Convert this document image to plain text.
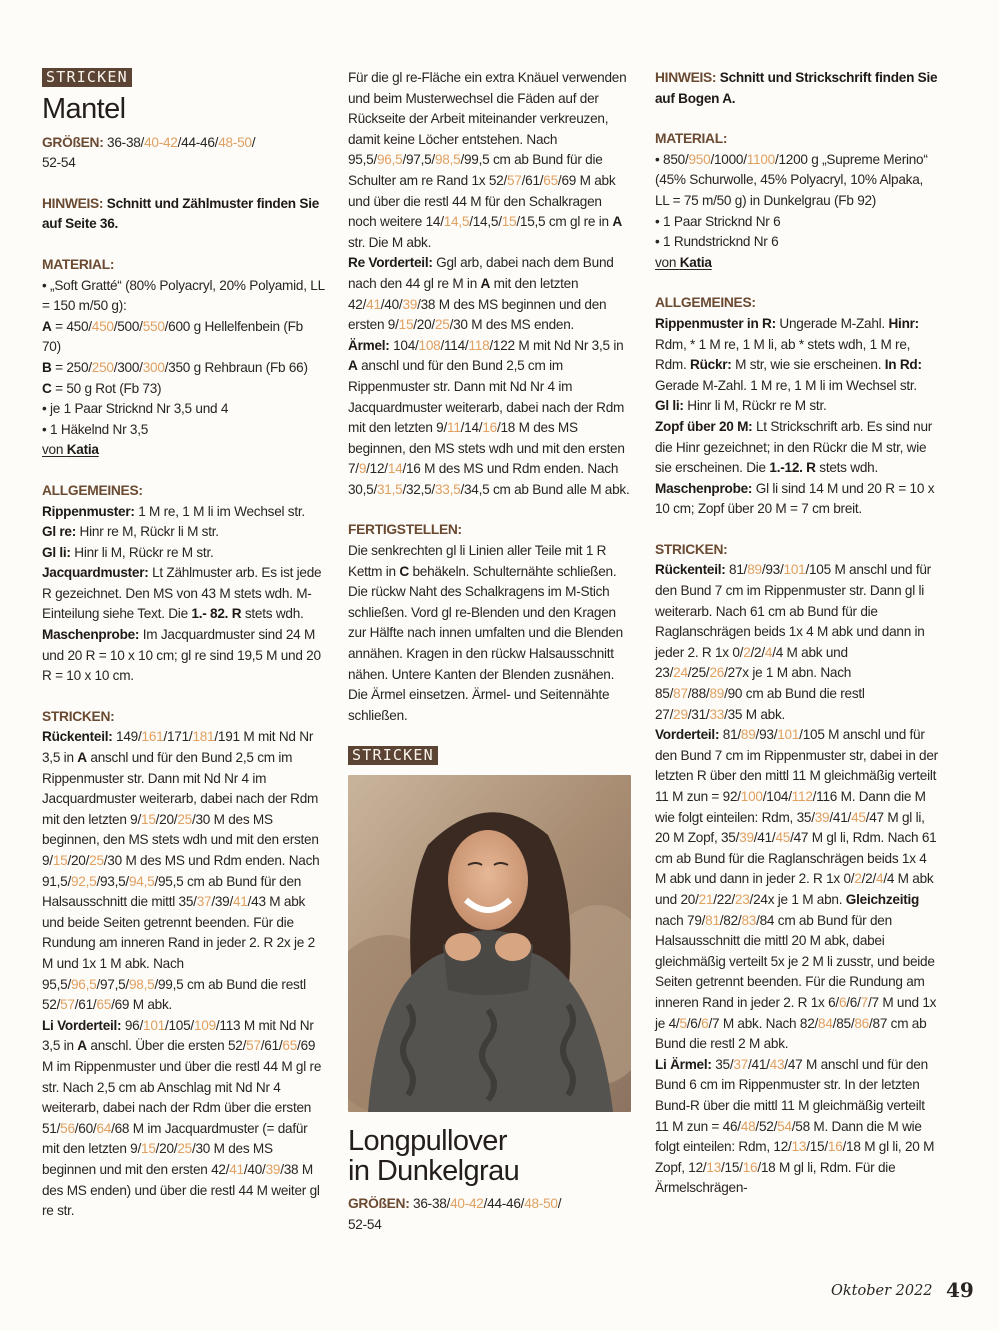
STRICKEN
Mantel

GRÖßEN: 36-38/40-42/44-46/48-50/
52-54

HINWEIS: Schnitt und Zählmuster finden Sie auf Seite 36.

MATERIAL:

• „Soft Gratté“ (80% Polyacryl, 20% Polyamid, LL = 150 m/50 g):
A = 450/450/500/550/600 g Hellelfenbein (Fb 70)
B = 250/250/300/300/350 g Rehbraun (Fb 66)
C = 50 g Rot (Fb 73)
• je 1 Paar Stricknd Nr 3,5 und 4
• 1 Häkelnd Nr 3,5
von Katia

ALLGEMEINES:

Rippenmuster: 1 M re, 1 M li im Wechsel str.
Gl re: Hinr re M, Rückr li M str.
Gl li: Hinr li M, Rückr re M str.
Jacquardmuster: Lt Zählmuster arb. Es ist jede R gezeichnet. Den MS von 43 M stets wdh. M-Einteilung siehe Text. Die 1.- 82. R stets wdh.
Maschenprobe: Im Jacquardmuster sind 24 M und 20 R = 10 x 10 cm; gl re sind 19,5 M und 20 R = 10 x 10 cm.

STRICKEN:

Rückenteil: 149/161/171/181/191 M mit Nd Nr 3,5 in A anschl und für den Bund 2,5 cm im Rippenmuster str. Dann mit Nd Nr 4 im Jacquardmuster weiterarb, dabei nach der Rdm mit den letzten 9/15/20/25/30 M des MS beginnen, den MS stets wdh und mit den ersten 9/15/20/25/30 M des MS und Rdm enden. Nach 91,5/92,5/93,5/94,5/95,5 cm ab Bund für den Halsausschnitt die mittl 35/37/39/41/43 M abk und beide Seiten getrennt beenden. Für die Rundung am inneren Rand in jeder 2. R 2x je 2 M und 1x 1 M abk. Nach 95,5/96,5/97,5/98,5/99,5 cm ab Bund die restl 52/57/61/65/69 M abk.
Li Vorderteil: 96/101/105/109/113 M mit Nd Nr 3,5 in A anschl. Über die ersten 52/57/61/65/69 M im Rippenmuster und über die restl 44 M gl re str. Nach 2,5 cm ab Anschlag mit Nd Nr 4 weiterarb, dabei nach der Rdm über die ersten 51/56/60/64/68 M im Jacquardmuster (= dafür mit den letzten 9/15/20/25/30 M des MS beginnen und mit den ersten 42/41/40/39/38 M des MS enden) und über die restl 44 M weiter gl re str.

Für die gl re-Fläche ein extra Knäuel verwenden und beim Musterwechsel die Fäden auf der Rückseite der Arbeit miteinander verkreuzen, damit keine Löcher entstehen. Nach 95,5/96,5/97,5/98,5/99,5 cm ab Bund für die Schulter am re Rand 1x 52/57/61/65/69 M abk und über die restl 44 M für den Schalkragen noch weitere 14/14,5/14,5/15/15,5 cm gl re in A str. Die M abk.
Re Vorderteil: Ggl arb, dabei nach dem Bund nach den 44 gl re M in A mit den letzten 42/41/40/39/38 M des MS beginnen und den ersten 9/15/20/25/30 M des MS enden.
Ärmel: 104/108/114/118/122 M mit Nd Nr 3,5 in A anschl und für den Bund 2,5 cm im Rippenmuster str. Dann mit Nd Nr 4 im Jacquardmuster weiterarb, dabei nach der Rdm mit den letzten 9/11/14/16/18 M des MS beginnen, den MS stets wdh und mit den ersten 7/9/12/14/16 M des MS und Rdm enden. Nach 30,5/31,5/32,5/33,5/34,5 cm ab Bund alle M abk.

FERTIGSTELLEN:

Die senkrechten gl li Linien aller Teile mit 1 R Kettm in C behäkeln. Schulternähte schließen. Die rückw Naht des Schalkragens im M-Stich schließen. Vord gl re-Blenden und den Kragen zur Hälfte nach innen umfalten und die Blenden annähen. Kragen in den rückw Halsausschnitt nähen. Untere Kanten der Blenden zusnähen. Die Ärmel einsetzen. Ärmel- und Seitennähte schließen.

STRICKEN
Longpullover
in Dunkelgrau

GRÖßEN: 36-38/40-42/44-46/48-50/
52-54

HINWEIS: Schnitt und Strickschrift finden Sie auf Bogen A.

MATERIAL:

• 850/950/1000/1100/1200 g „Supreme Merino“ (45% Schurwolle, 45% Polyacryl, 10% Alpaka, LL = 75 m/50 g) in Dunkelgrau (Fb 92)
• 1 Paar Stricknd Nr 6
• 1 Rundstricknd Nr 6
von Katia

ALLGEMEINES:

Rippenmuster in R: Ungerade M-Zahl. Hinr: Rdm, * 1 M re, 1 M li, ab * stets wdh, 1 M re, Rdm. Rückr: M str, wie sie erscheinen. In Rd: Gerade M-Zahl. 1 M re, 1 M li im Wechsel str.
Gl li: Hinr li M, Rückr re M str.
Zopf über 20 M: Lt Strickschrift arb. Es sind nur die Hinr gezeichnet; in den Rückr die M str, wie sie erscheinen. Die 1.-12. R stets wdh.
Maschenprobe: Gl li sind 14 M und 20 R = 10 x 10 cm; Zopf über 20 M = 7 cm breit.

STRICKEN:

Rückenteil: 81/89/93/101/105 M anschl und für den Bund 7 cm im Rippenmuster str. Dann gl li weiterarb. Nach 61 cm ab Bund für die Raglanschrägen beids 1x 4 M abk und dann in jeder 2. R 1x 0/2/2/4/4 M abk und 23/24/25/26/27x je 1 M abn. Nach 85/87/88/89/90 cm ab Bund die restl 27/29/31/33/35 M abk.
Vorderteil: 81/89/93/101/105 M anschl und für den Bund 7 cm im Rippenmuster str, dabei in der letzten R über den mittl 11 M gleichmäßig verteilt 11 M zun = 92/100/104/112/116 M. Dann die M wie folgt einteilen: Rdm, 35/39/41/45/47 M gl li, 20 M Zopf, 35/39/41/45/47 M gl li, Rdm. Nach 61 cm ab Bund für die Raglanschrägen beids 1x 4 M abk und dann in jeder 2. R 1x 0/2/2/4/4 M abk und 20/21/22/23/24x je 1 M abn. Gleichzeitig nach 79/81/82/83/84 cm ab Bund für den Halsausschnitt die mittl 20 M abk, dabei gleichmäßig verteilt 5x je 2 M li zusstr, und beide Seiten getrennt beenden. Für die Rundung am inneren Rand in jeder 2. R 1x 6/6/6/7/7 M und 1x je 4/5/6/6/7 M abk. Nach 82/84/85/86/87 cm ab Bund die restl 2 M abk.
Li Ärmel: 35/37/41/43/47 M anschl und für den Bund 6 cm im Rippenmuster str. In der letzten Bund-R über die mittl 11 M gleichmäßig verteilt 11 M zun = 46/48/52/54/58 M. Dann die M wie folgt einteilen: Rdm, 12/13/15/16/18 M gl li, 20 M Zopf, 12/13/15/16/18 M gl li, Rdm. Für die Ärmelschrägen-

Oktober 2022 49
